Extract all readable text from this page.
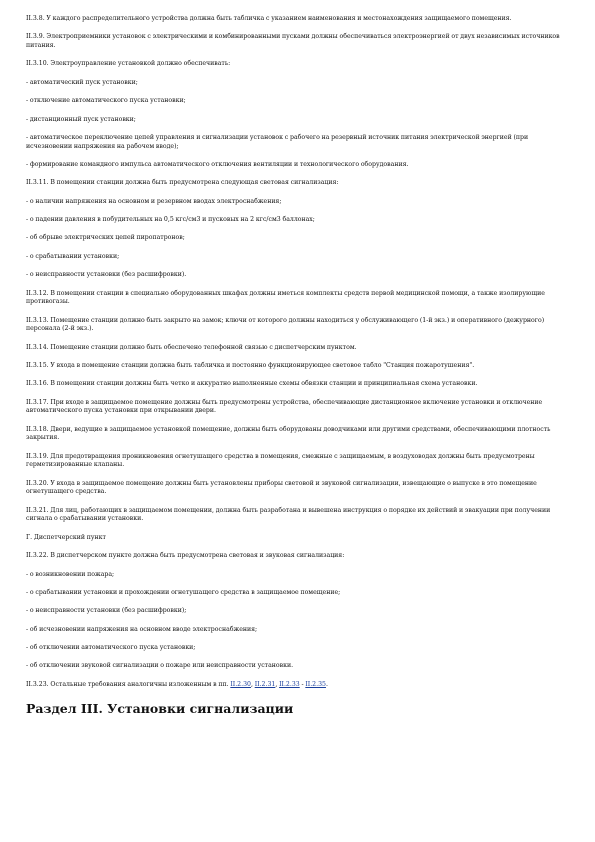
II.3.8. У каждого распределительного устройства должна быть табличка с указанием наименования и местонахождения защищаемого помещения.

II.3.9. Электроприемники установок с электрическими и комбинированными пусками должны обеспечиваться электроэнергией от двух независимых источников питания.

II.3.10. Электроуправление установкой должно обеспечивать:

- автоматический пуск установки;

- отключение автоматического пуска установки;

- дистанционный пуск установки;

- автоматическое переключение цепей управления и сигнализации установок с рабочего на резервный источник питания электрической энергией (при исчезновении напряжения на рабочем вводе);

- формирование командного импульса автоматического отключения вентиляции и технологического оборудования.

II.3.11. В помещении станции должна быть предусмотрена следующая световая сигнализация:

- о наличии напряжения на основном и резервном вводах электроснабжения;

- о падении давления в побудительных на 0,5 кгс/см3 и пусковых на 2 кгс/см3 баллонах;

- об обрыве электрических цепей пиропатронов;

- о срабатывании установки;

- о неисправности установки (без расшифровки).

II.3.12. В помещении станции в специально оборудованных шкафах должны иметься комплекты средств первой медицинской помощи, а также изолирующие противогазы.

II.3.13. Помещение станции должно быть закрыто на замок; ключи от которого должны находиться у обслуживающего (1-й экз.) и оперативного (дежурного) персонала (2-й экз.).

II.3.14. Помещение станции должно быть обеспечено телефонной связью с диспетчерским пунктом.

II.3.15. У входа в помещение станции должна быть табличка и постоянно функционирующее световое табло "Станция пожаротушения".

II.3.16. В помещении станции должны быть четко и аккуратно выполненные схемы обвязки станции и принципиальная схема установки.

II.3.17. При входе в защищаемое помещение должны быть предусмотрены устройства, обеспечивающие дистанционное включение установки и отключение автоматического пуска установки при открывании двери.

II.3.18. Двери, ведущие в защищаемое установкой помещение, должны быть оборудованы доводчиками или другими средствами, обеспечивающими плотность закрытия.

II.3.19. Для предотвращения проникновения огнетушащего средства в помещения, смежные с защищаемым, в воздуховодах должны быть предусмотрены герметизированные клапаны.

II.3.20. У входа в защищаемое помещение должны быть установлены приборы световой и звуковой сигнализации, извещающие о выпуске в это помещение огнетушащего средства.

II.3.21. Для лиц, работающих в защищаемом помещении, должна быть разработана и вывешена инструкция о порядке их действий и эвакуации при получении сигнала о срабатывании установки.

Г. Диспетчерский пункт

II.3.22. В диспетчерском пункте должна быть предусмотрена световая и звуковая сигнализация:

- о возникновении пожара;

- о срабатывании установки и прохождении огнетушащего средства в защищаемое помещение;

- о неисправности установки (без расшифровки);

- об исчезновении напряжения на основном вводе электроснабжения;

- об отключении автоматического пуска установки;

- об отключении звуковой сигнализации о пожаре или неисправности установки.

II.3.23. Остальные требования аналогичны изложенным в пп. II.2.30, II.2.31, II.2.33 - II.2.35.

Раздел III. Установки сигнализации
